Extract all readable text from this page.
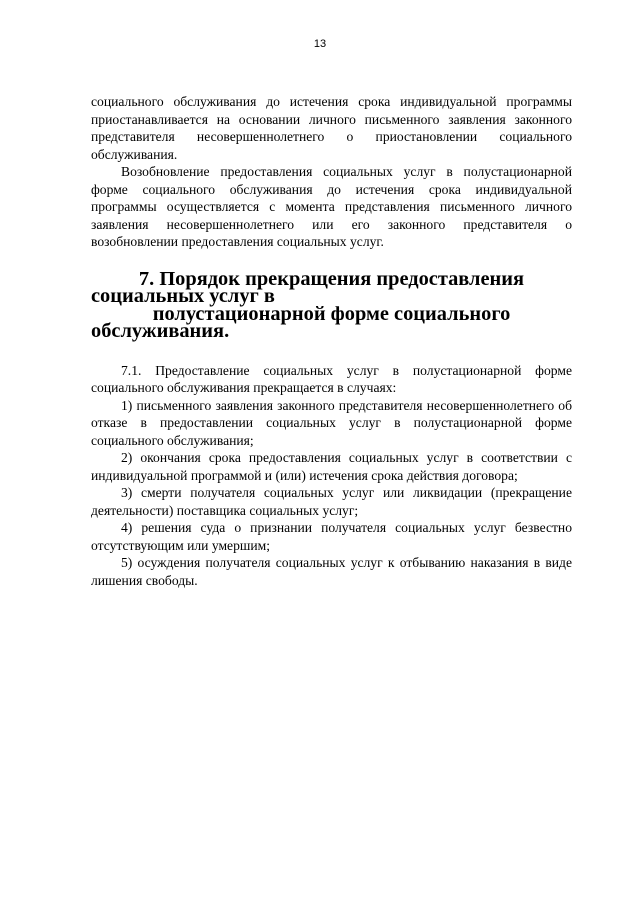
13

социального обслуживания до истечения срока индивидуальной программы приостанавливается на основании личного письменного заявления законного представителя несовершеннолетнего о приостановлении социального обслуживания.

Возобновление предоставления социальных услуг в полустационарной форме социального обслуживания до истечения срока индивидуальной программы осуществляется с момента представления письменного личного заявления несовершеннолетнего или его законного представителя о возобновлении предоставления социальных услуг.

7. Порядок прекращения предоставления социальных услуг в
полустационарной форме социального обслуживания.

7.1. Предоставление социальных услуг в полустационарной форме социального обслуживания прекращается в случаях:

1) письменного заявления законного представителя несовершеннолетнего об отказе в предоставлении социальных услуг в полустационарной форме социального обслуживания;

2) окончания срока предоставления социальных услуг в соответствии с индивидуальной программой и (или) истечения срока действия договора;

3) смерти получателя социальных услуг или ликвидации (прекращение деятельности) поставщика социальных услуг;

4) решения суда о признании получателя социальных услуг безвестно отсутствующим или умершим;

5) осуждения получателя социальных услуг к отбыванию наказания в виде лишения свободы.
